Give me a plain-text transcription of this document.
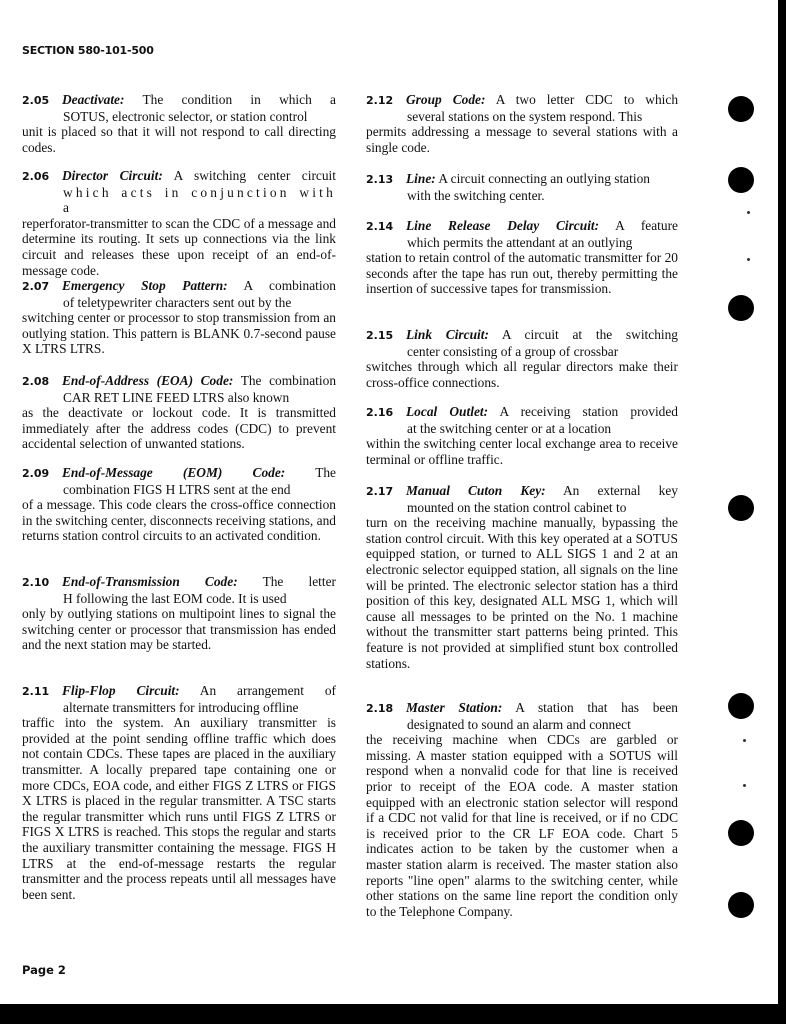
SECTION 580-101-500

2.05 Deactivate: The condition in which a

SOTUS, electronic selector, or station control

unit is placed so that it will not respond to call directing codes.

2.06 Director Circuit: A switching center circuit

which acts in conjunction with a

reperforator-transmitter to scan the CDC of a message and determine its routing. It sets up connections via the link circuit and releases these upon receipt of an end-of-message code.

2.07 Emergency Stop Pattern: A combination

of teletypewriter characters sent out by the

switching center or processor to stop transmission from an outlying station. This pattern is BLANK 0.7-second pause X LTRS LTRS.

2.08 End-of-Address (EOA) Code: The combination

CAR RET LINE FEED LTRS also known

as the deactivate or lockout code. It is transmitted immediately after the address codes (CDC) to prevent accidental selection of unwanted stations.

2.09 End-of-Message (EOM) Code: The

combination FIGS H LTRS sent at the end

of a message. This code clears the cross-office connection in the switching center, disconnects receiving stations, and returns station control circuits to an activated condition.

2.10 End-of-Transmission Code: The letter

H following the last EOM code. It is used

only by outlying stations on multipoint lines to signal the switching center or processor that transmission has ended and the next station may be started.

2.11 Flip-Flop Circuit: An arrangement of

alternate transmitters for introducing offline

traffic into the system. An auxiliary transmitter is provided at the point sending offline traffic which does not contain CDCs. These tapes are placed in the auxiliary transmitter. A locally prepared tape containing one or more CDCs, EOA code, and either FIGS Z LTRS or FIGS X LTRS is placed in the regular transmitter. A TSC starts the regular transmitter which runs until FIGS Z LTRS or FIGS X LTRS is reached. This stops the regular and starts the auxiliary transmitter containing the message. FIGS H LTRS at the end-of-message restarts the regular transmitter and the process repeats until all messages have been sent.

2.12 Group Code: A two letter CDC to which

several stations on the system respond. This

permits addressing a message to several stations with a single code.

2.13 Line: A circuit connecting an outlying station

with the switching center.

2.14 Line Release Delay Circuit: A feature

which permits the attendant at an outlying

station to retain control of the automatic transmitter for 20 seconds after the tape has run out, thereby permitting the insertion of successive tapes for transmission.

2.15 Link Circuit: A circuit at the switching

center consisting of a group of crossbar

switches through which all regular directors make their cross-office connections.

2.16 Local Outlet: A receiving station provided

at the switching center or at a location

within the switching center local exchange area to receive terminal or offline traffic.

2.17 Manual Cuton Key: An external key

mounted on the station control cabinet to

turn on the receiving machine manually, bypassing the station control circuit. With this key operated at a SOTUS equipped station, or turned to ALL SIGS 1 and 2 at an electronic selector equipped station, all signals on the line will be printed. The electronic selector station has a third position of this key, designated ALL MSG 1, which will cause all messages to be printed on the No. 1 machine without the transmitter start patterns being printed. This feature is not provided at simplified stunt box controlled stations.

2.18 Master Station: A station that has been

designated to sound an alarm and connect

the receiving machine when CDCs are garbled or missing. A master station equipped with a SOTUS will respond when a nonvalid code for that line is received prior to receipt of the EOA code. A master station equipped with an electronic station selector will respond if a CDC not valid for that line is received, or if no CDC is received prior to the CR LF EOA code. Chart 5 indicates action to be taken by the customer when a master station alarm is received. The master station also reports "line open" alarms to the switching center, while other stations on the same line report the condition only to the Telephone Company.

Page 2
